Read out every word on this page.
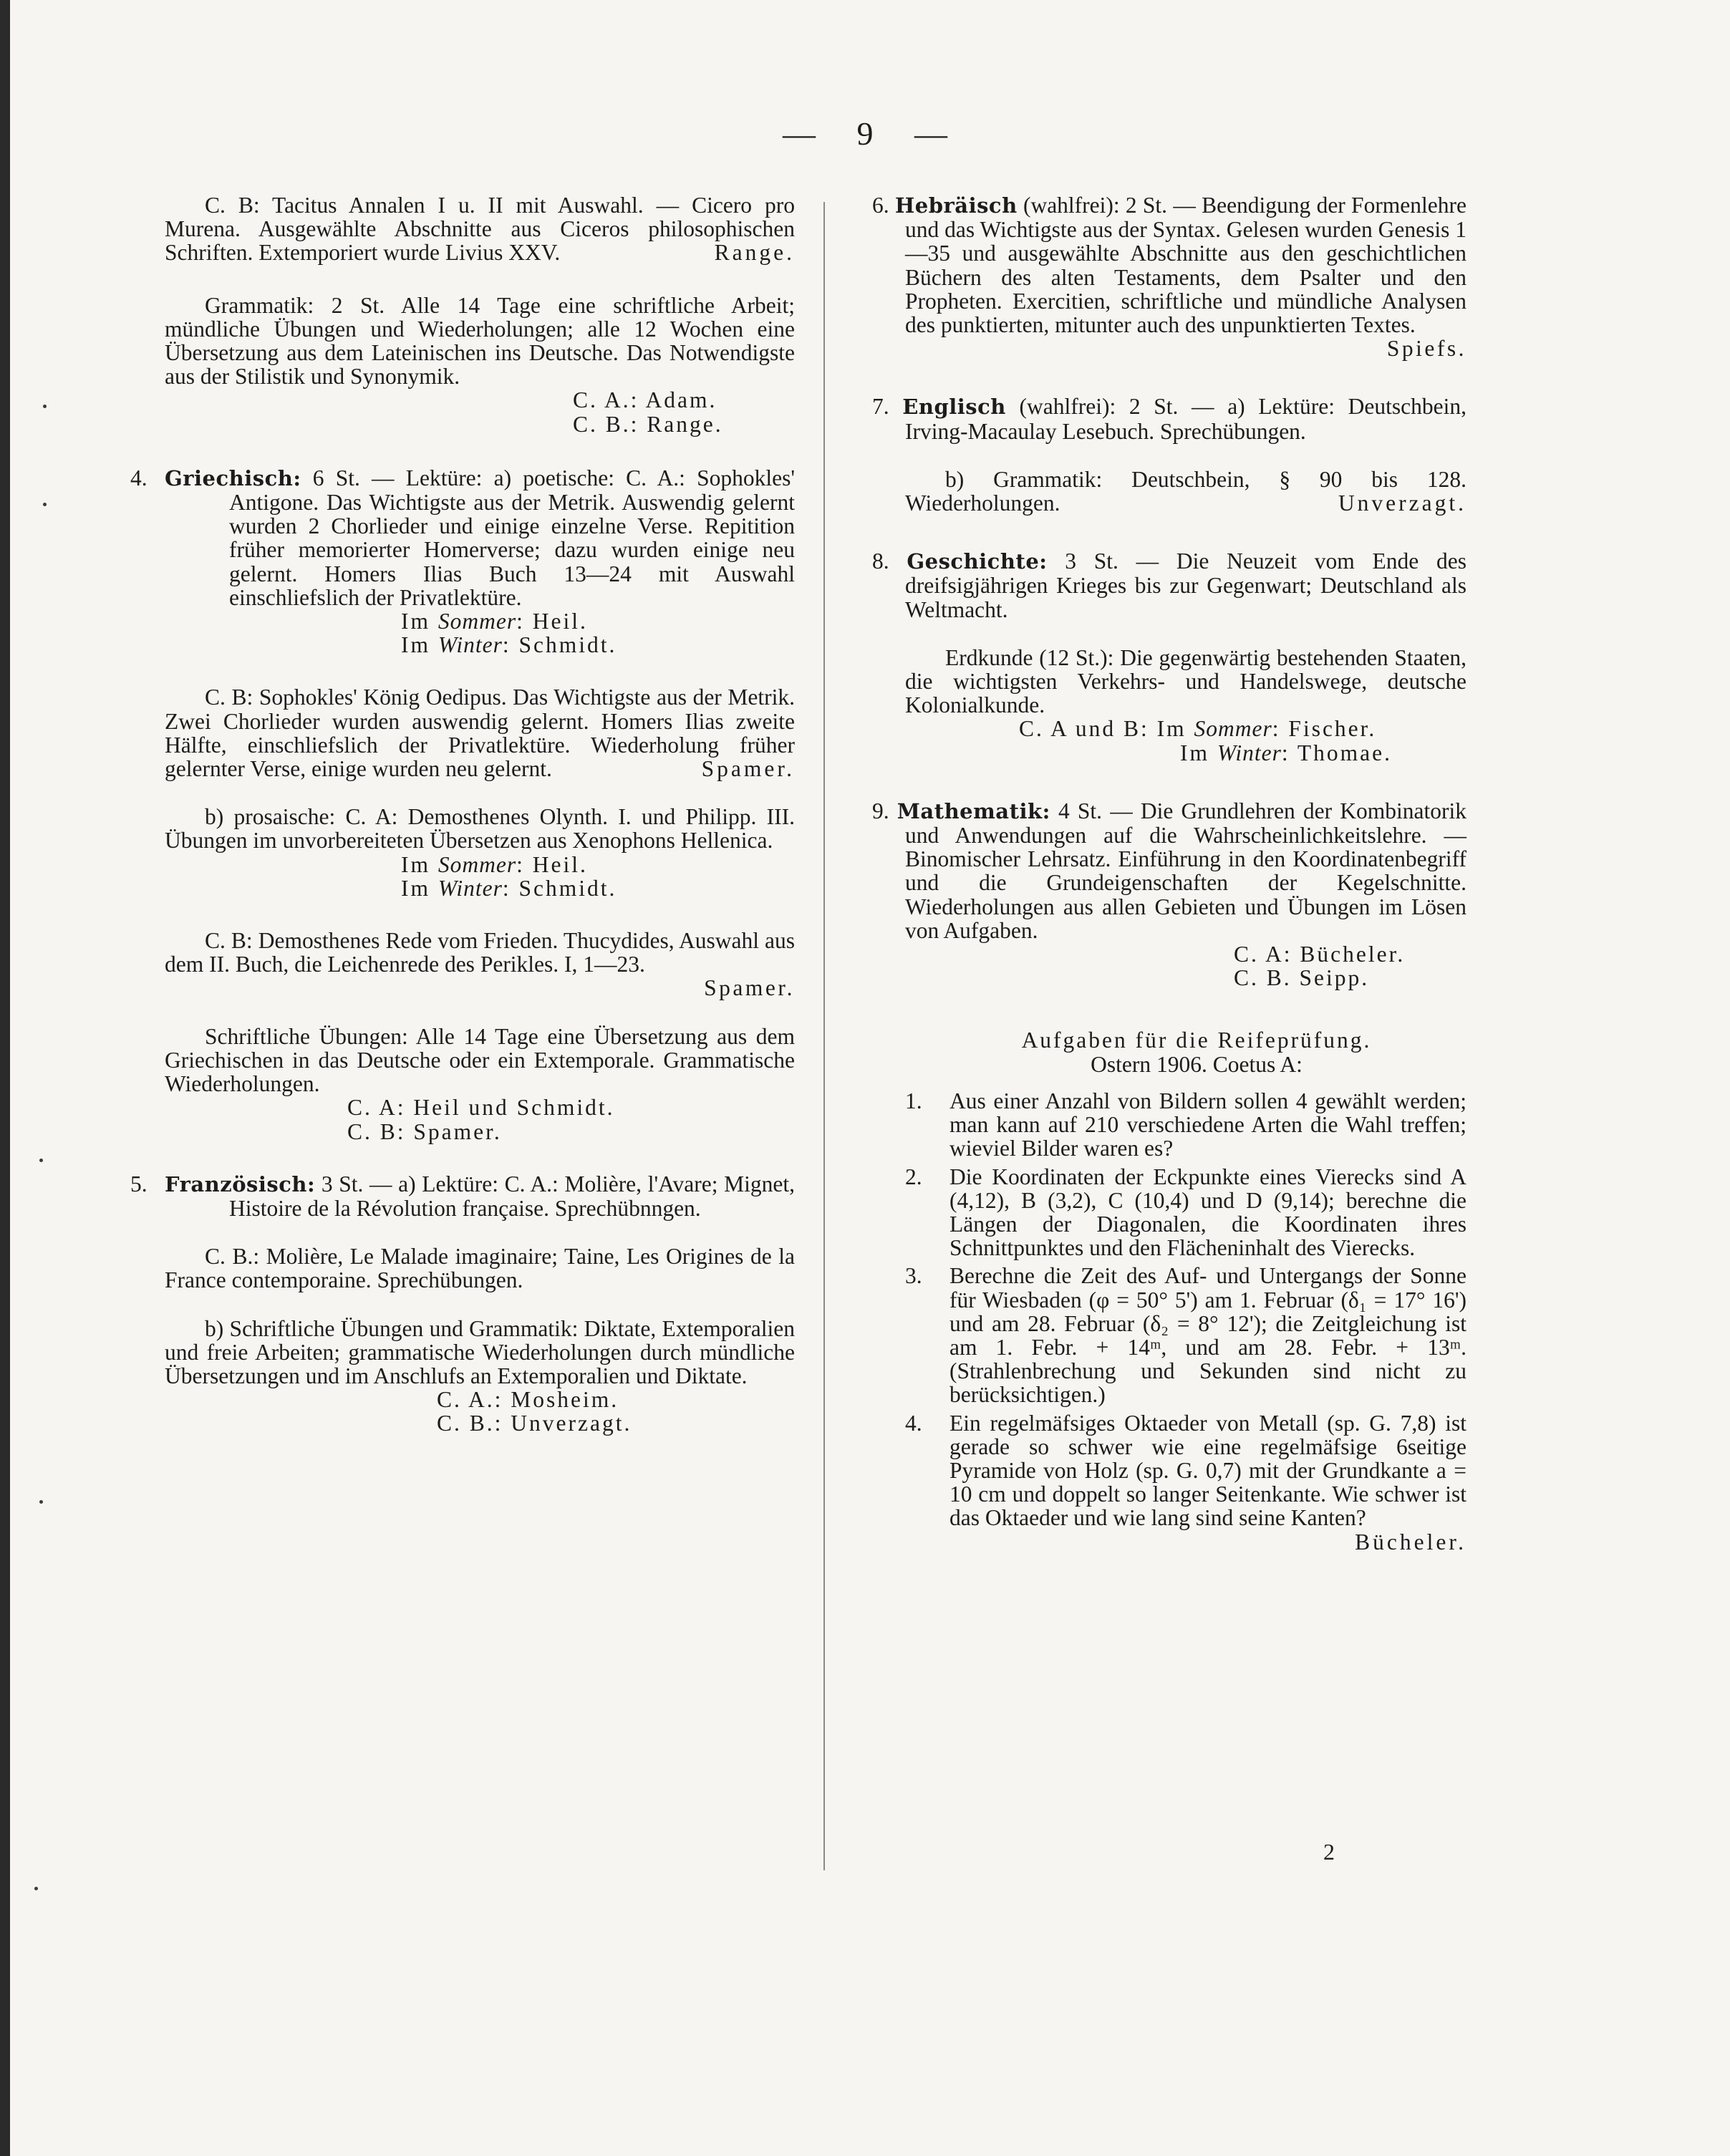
— 9 —

C. B: Tacitus Annalen I u. II mit Auswahl. — Cicero pro Murena. Ausgewählte Abschnitte aus Ciceros philosophischen Schriften. Extemporiert wurde Livius XXV.	Range.

Grammatik: 2 St. Alle 14 Tage eine schriftliche Arbeit; mündliche Übungen und Wiederholungen; alle 12 Wochen eine Übersetzung aus dem Lateinischen ins Deutsche. Das Notwendigste aus der Stilistik und Synonymik.

C. A.: Adam.

C. B.: Range.

4. Griechisch: 6 St. — Lektüre: a) poetische: C. A.: Sophokles' Antigone. Das Wichtigste aus der Metrik. Auswendig gelernt wurden 2 Chorlieder und einige einzelne Verse. Repitition früher memorierter Homerverse; dazu wurden einige neu gelernt. Homers Ilias Buch 13—24 mit Auswahl einschliefslich der Privatlektüre.

Im Sommer: Heil.

Im Winter: Schmidt.

C. B: Sophokles' König Oedipus. Das Wichtigste aus der Metrik. Zwei Chorlieder wurden auswendig gelernt. Homers Ilias zweite Hälfte, einschliefslich der Privatlektüre. Wiederholung früher gelernter Verse, einige wurden neu gelernt.	Spamer.

b) prosaische: C. A: Demosthenes Olynth. I. und Philipp. III. Übungen im unvorbereiteten Übersetzen aus Xenophons Hellenica.

Im Sommer: Heil.

Im Winter: Schmidt.

C. B: Demosthenes Rede vom Frieden. Thucydides, Auswahl aus dem II. Buch, die Leichenrede des Perikles. I, 1—23.

Spamer.

Schriftliche Übungen: Alle 14 Tage eine Übersetzung aus dem Griechischen in das Deutsche oder ein Extemporale. Grammatische Wiederholungen.

C. A: Heil und Schmidt.

C. B: Spamer.

5. Französisch: 3 St. — a) Lektüre: C. A.: Molière, l'Avare; Mignet, Histoire de la Révolution française. Sprechübnngen.

C. B.: Molière, Le Malade imaginaire; Taine, Les Origines de la France contemporaine. Sprechübungen.

b) Schriftliche Übungen und Grammatik: Diktate, Extemporalien und freie Arbeiten; grammatische Wiederholungen durch mündliche Übersetzungen und im Anschlufs an Extemporalien und Diktate.

C. A.: Mosheim.

C. B.: Unverzagt.

6. Hebräisch (wahlfrei): 2 St. — Beendigung der Formenlehre und das Wichtigste aus der Syntax. Gelesen wurden Genesis 1—35 und ausgewählte Abschnitte aus den geschichtlichen Büchern des alten Testaments, dem Psalter und den Propheten. Exercitien, schriftliche und mündliche Analysen des punktierten, mitunter auch des unpunktierten Textes.

Spiefs.

7. Englisch (wahlfrei): 2 St. — a) Lektüre: Deutschbein, Irving-Macaulay Lesebuch. Sprechübungen.

b) Grammatik: Deutschbein, § 90 bis 128. Wiederholungen.	Unverzagt.

8. Geschichte: 3 St. — Die Neuzeit vom Ende des dreifsigjährigen Krieges bis zur Gegenwart; Deutschland als Weltmacht.

Erdkunde (12 St.): Die gegenwärtig bestehenden Staaten, die wichtigsten Verkehrs- und Handelswege, deutsche Kolonialkunde.

C. A und B: Im Sommer: Fischer.

Im Winter: Thomae.

9. Mathematik: 4 St. — Die Grundlehren der Kombinatorik und Anwendungen auf die Wahrscheinlichkeitslehre. — Binomischer Lehrsatz. Einführung in den Koordinatenbegriff und die Grundeigenschaften der Kegelschnitte. Wiederholungen aus allen Gebieten und Übungen im Lösen von Aufgaben.

C. A: Bücheler.

C. B. Seipp.

Aufgaben für die Reifeprüfung.

Ostern 1906. Coetus A:

1. Aus einer Anzahl von Bildern sollen 4 gewählt werden; man kann auf 210 verschiedene Arten die Wahl treffen; wieviel Bilder waren es?
2. Die Koordinaten der Eckpunkte eines Vierecks sind A (4,12), B (3,2), C (10,4) und D (9,14); berechne die Längen der Diagonalen, die Koordinaten ihres Schnittpunktes und den Flächeninhalt des Vierecks.
3. Berechne die Zeit des Auf- und Untergangs der Sonne für Wiesbaden (φ = 50° 5') am 1. Februar (δ₁ = 17° 16') und am 28. Februar (δ₂ = 8° 12'); die Zeitgleichung ist am 1. Febr. + 14ᵐ, und am 28. Febr. + 13ᵐ. (Strahlenbrechung und Sekunden sind nicht zu berücksichtigen.)
4. Ein regelmäfsiges Oktaeder von Metall (sp. G. 7,8) ist gerade so schwer wie eine regelmäfsige 6seitige Pyramide von Holz (sp. G. 0,7) mit der Grundkante a = 10 cm und doppelt so langer Seitenkante. Wie schwer ist das Oktaeder und wie lang sind seine Kanten?
Bücheler.
2
